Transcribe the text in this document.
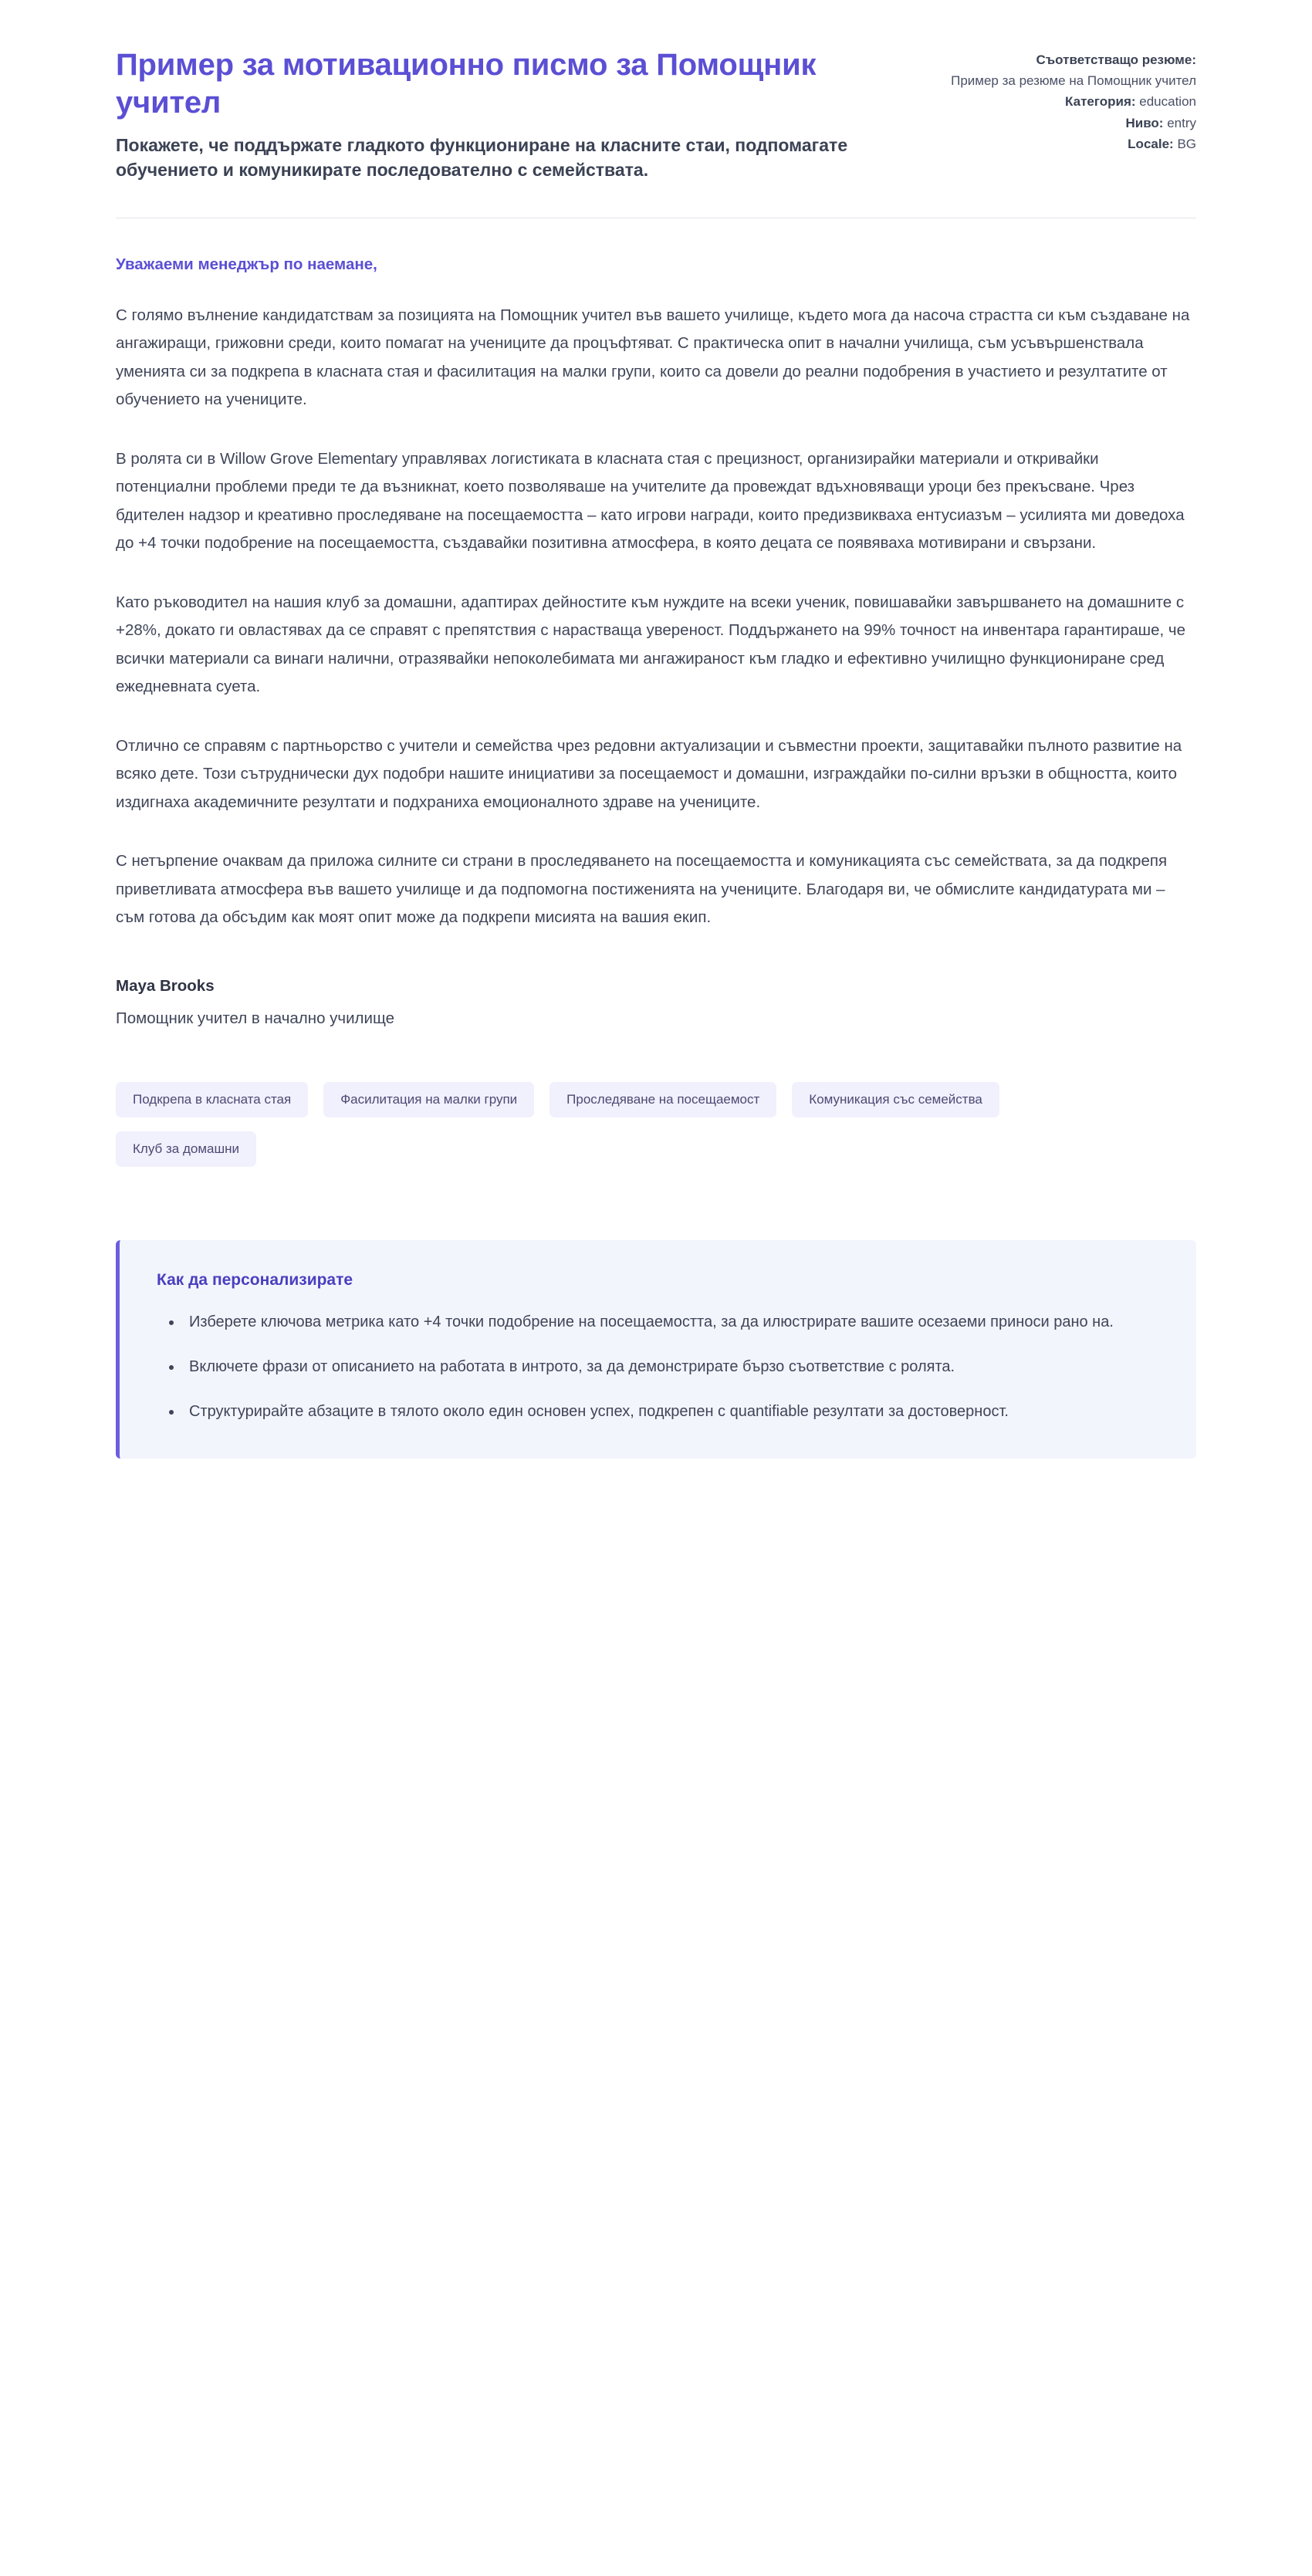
Пример за мотивационно писмо за Помощник учител

Покажете, че поддържате гладкото функциониране на класните стаи, подпомагате обучението и комуникирате последователно с семействата.

Съответстващо резюме:
Пример за резюме на Помощник учител
Категория: education
Ниво: entry
Locale: BG

Уважаеми менеджър по наемане,

С голямо вълнение кандидатствам за позицията на Помощник учител във вашето училище, където мога да насоча страстта си към създаване на ангажиращи, грижовни среди, които помагат на учениците да процъфтяват. С практическа опит в начални училища, съм усъвършенствала уменията си за подкрепа в класната стая и фасилитация на малки групи, които са довели до реални подобрения в участието и резултатите от обучението на учениците.

В ролята си в Willow Grove Elementary управлявах логистиката в класната стая с прецизност, организирайки материали и откривайки потенциални проблеми преди те да възникнат, което позволяваше на учителите да провеждат вдъхновяващи уроци без прекъсване. Чрез бдителен надзор и креативно проследяване на посещаемостта – като игрови награди, които предизвикваха ентусиазъм – усилията ми доведоха до +4 точки подобрение на посещаемостта, създавайки позитивна атмосфера, в която децата се появяваха мотивирани и свързани.

Като ръководител на нашия клуб за домашни, адаптирах дейностите към нуждите на всеки ученик, повишавайки завършването на домашните с +28%, докато ги овластявах да се справят с препятствия с нарастваща увереност. Поддържането на 99% точност на инвентара гарантираше, че всички материали са винаги налични, отразявайки непоколебимата ми ангажираност към гладко и ефективно училищно функциониране сред ежедневната суета.

Отлично се справям с партньорство с учители и семейства чрез редовни актуализации и съвместни проекти, защитавайки пълното развитие на всяко дете. Този сътруднически дух подобри нашите инициативи за посещаемост и домашни, изграждайки по-силни връзки в общността, които издигнаха академичните резултати и подхраниха емоционалното здраве на учениците.

С нетърпение очаквам да приложа силните си страни в проследяването на посещаемостта и комуникацията със семействата, за да подкрепя приветливата атмосфера във вашето училище и да подпомогна постиженията на учениците. Благодаря ви, че обмислите кандидатурата ми – съм готова да обсъдим как моят опит може да подкрепи мисията на вашия екип.

Maya Brooks

Помощник учител в начално училище

Подкрепа в класната стая	Фасилитация на малки групи	Проследяване на посещаемост	Комуникация със семейства
Клуб за домашни

Как да персонализирате

• Изберете ключова метрика като +4 точки подобрение на посещаемостта, за да илюстрирате вашите осезаеми приноси рано на.
• Включете фрази от описанието на работата в интрото, за да демонстрирате бързо съответствие с ролята.
• Структурирайте абзаците в тялото около един основен успех, подкрепен с quantifiable резултати за достоверност.
